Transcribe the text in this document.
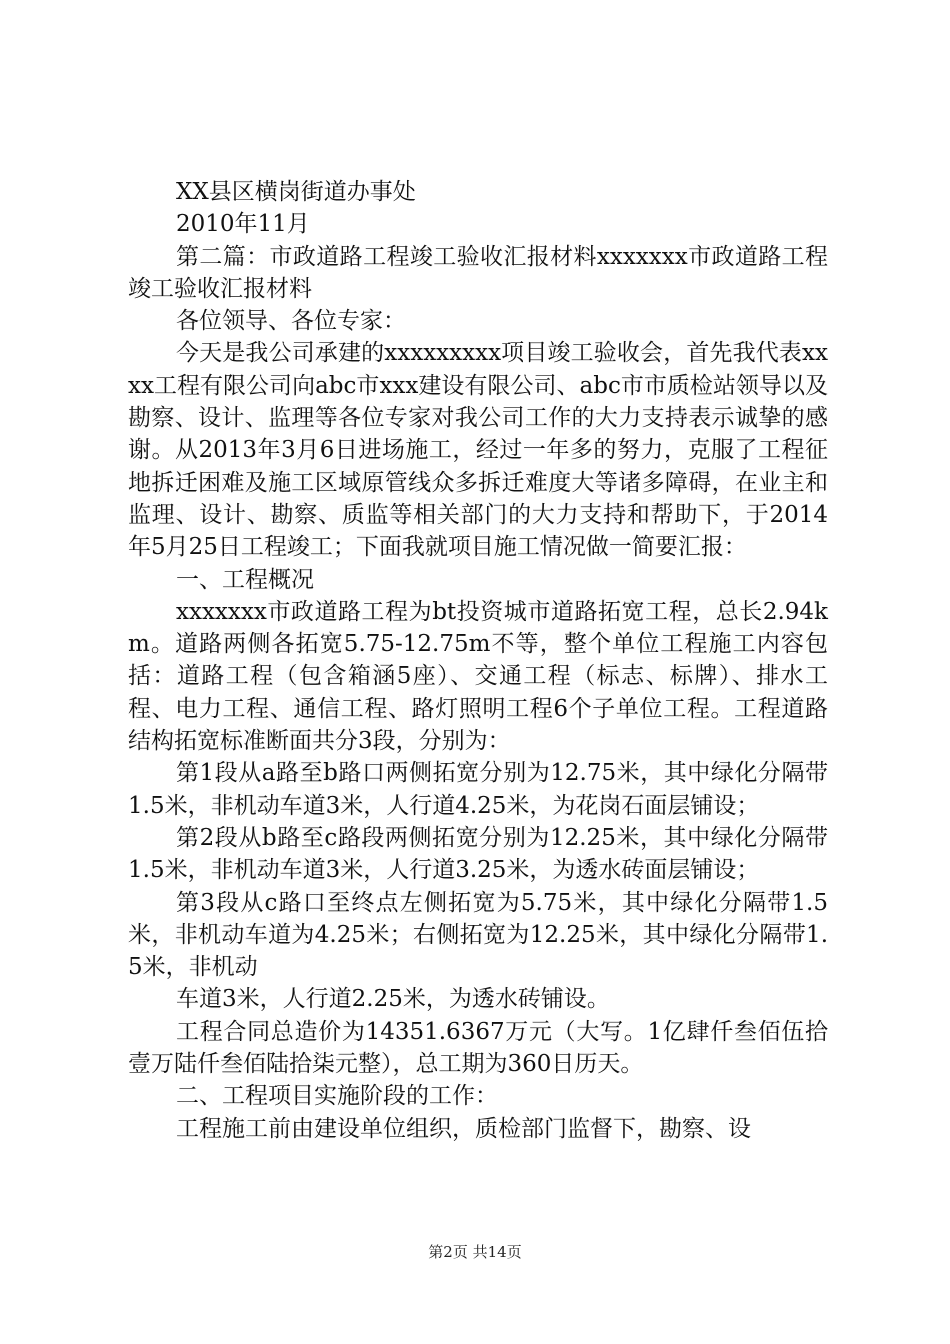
XX县区横岗街道办事处

2010年11月

第二篇：市政道路工程竣工验收汇报材料xxxxxxx市政道路工程竣工验收汇报材料

各位领导、各位专家：

今天是我公司承建的xxxxxxxxx项目竣工验收会，首先我代表xxxx工程有限公司向abc市xxx建设有限公司、abc市市质检站领导以及勘察、设计、监理等各位专家对我公司工作的大力支持表示诚挚的感谢。从2013年3月6日进场施工，经过一年多的努力，克服了工程征地拆迁困难及施工区域原管线众多拆迁难度大等诸多障碍，在业主和监理、设计、勘察、质监等相关部门的大力支持和帮助下，于2014年5月25日工程竣工；下面我就项目施工情况做一简要汇报：

一、工程概况

xxxxxxx市政道路工程为bt投资城市道路拓宽工程，总长2.94km。道路两侧各拓宽5.75-12.75m不等，整个单位工程施工内容包括：道路工程（包含箱涵5座）、交通工程（标志、标牌）、排水工程、电力工程、通信工程、路灯照明工程6个子单位工程。工程道路结构拓宽标准断面共分3段，分别为：

第1段从a路至b路口两侧拓宽分别为12.75米，其中绿化分隔带1.5米，非机动车道3米，人行道4.25米，为花岗石面层铺设；

第2段从b路至c路段两侧拓宽分别为12.25米，其中绿化分隔带1.5米，非机动车道3米，人行道3.25米，为透水砖面层铺设；

第3段从c路口至终点左侧拓宽为5.75米，其中绿化分隔带1.5米，非机动车道为4.25米；右侧拓宽为12.25米，其中绿化分隔带1.5米，非机动

车道3米，人行道2.25米，为透水砖铺设。

工程合同总造价为14351.6367万元（大写。1亿肆仟叁佰伍拾壹万陆仟叁佰陆拾柒元整），总工期为360日历天。

二、工程项目实施阶段的工作：

工程施工前由建设单位组织，质检部门监督下，勘察、设

第2页 共14页
